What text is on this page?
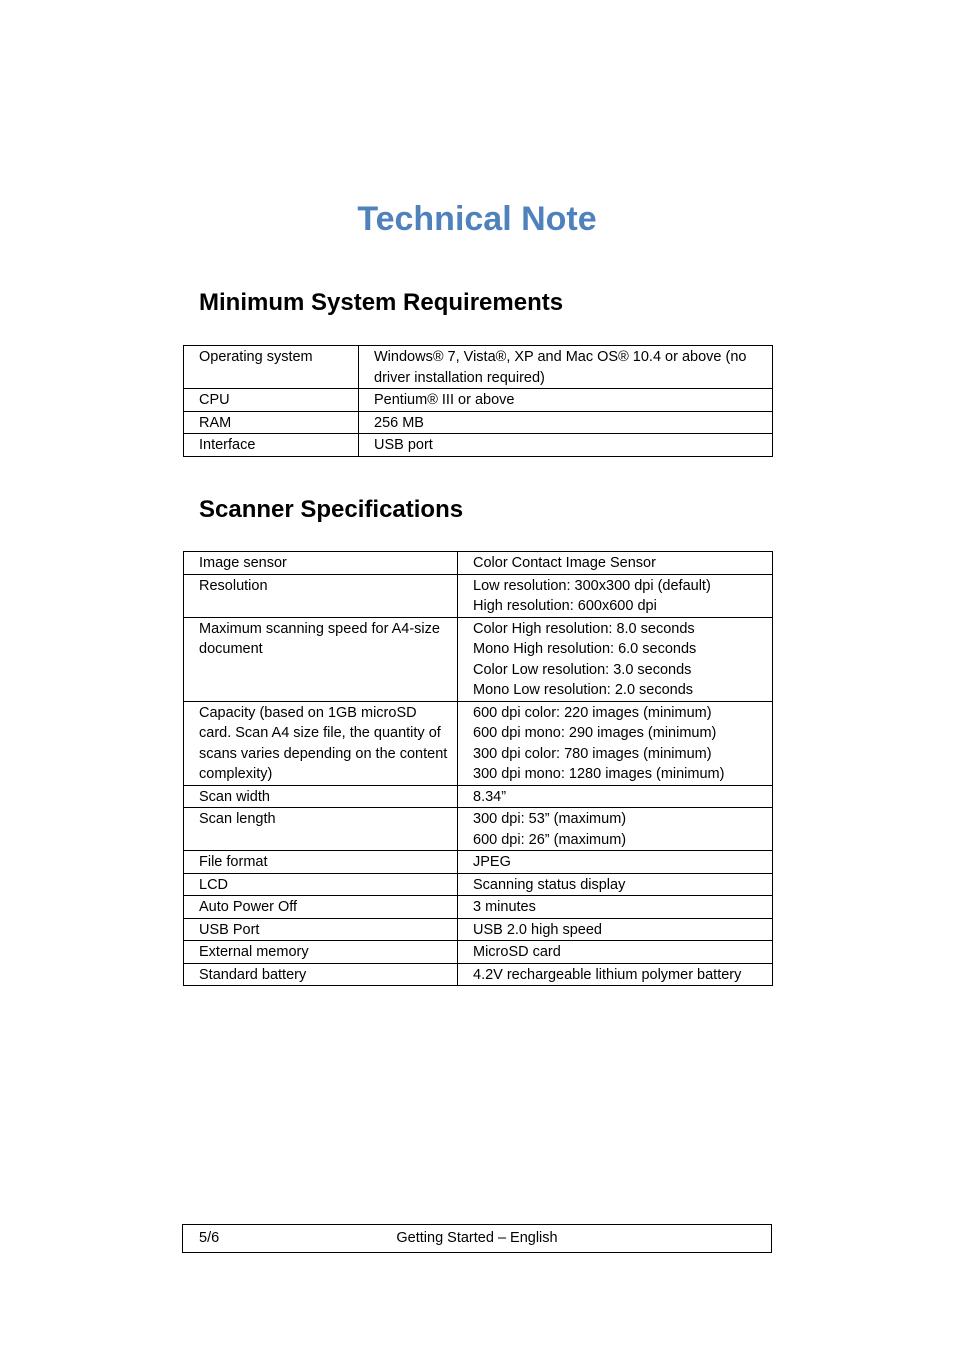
Technical Note
Minimum System Requirements
Operating system	Windows® 7, Vista®, XP and Mac OS® 10.4 or above (no driver installation required)

CPU	Pentium® III or above

RAM	256 MB

Interface	USB port
Scanner Specifications
Image sensor	Color Contact Image Sensor

Resolution	Low resolution: 300x300 dpi (default)
High resolution: 600x600 dpi

Maximum scanning speed for A4-size document	Color High resolution: 8.0 seconds
Mono High resolution: 6.0 seconds
Color Low resolution: 3.0 seconds
Mono Low resolution: 2.0 seconds

Capacity (based on 1GB microSD card. Scan A4 size file, the quantity of scans varies depending on the content complexity)	600 dpi color: 220 images (minimum)
600 dpi mono: 290 images (minimum)
300 dpi color: 780 images (minimum)
300 dpi mono: 1280 images (minimum)

Scan width	8.34”

Scan length	300 dpi: 53” (maximum)
600 dpi: 26” (maximum)

File format	JPEG

LCD	Scanning status display

Auto Power Off	3 minutes

USB Port	USB 2.0 high speed

External memory	MicroSD card

Standard battery	4.2V rechargeable lithium polymer battery
5/6	Getting Started – English
